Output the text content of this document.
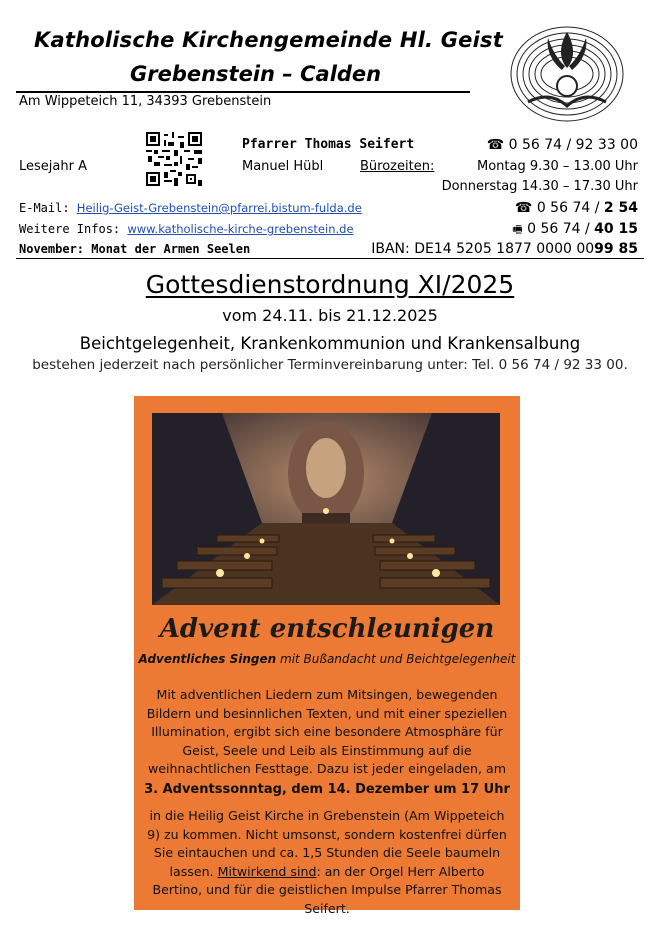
Katholische Kirchengemeinde Hl. Geist
Grebenstein – Calden
Am Wippeteich 11, 34393 Grebenstein
Pfarrer Thomas Seifert	☎ 0 56 74 / 92 33 00
Lesejahr A	Manuel Hübl	Bürozeiten:	Montag 9.30 – 13.00 Uhr
Donnerstag 14.30 – 17.30 Uhr
E-Mail: Heilig-Geist-Grebenstein@pfarrei.bistum-fulda.de	☎ 0 56 74 / 2 54
Weitere Infos: www.katholische-kirche-grebenstein.de	🖷 0 56 74 / 40 15
November: Monat der Armen Seelen	IBAN: DE14 5205 1877 0000 0099 85
Gottesdienstordnung XI/2025
vom 24.11. bis 21.12.2025
Beichtgelegenheit, Krankenkommunion und Krankensalbung
bestehen jederzeit nach persönlicher Terminvereinbarung unter: Tel. 0 56 74 / 92 33 00.
Advent entschleunigen
Adventliches Singen mit Bußandacht und Beichtgelegenheit
Mit adventlichen Liedern zum Mitsingen, bewegenden Bildern und besinnlichen Texten, und mit einer speziellen Illumination, ergibt sich eine besondere Atmosphäre für Geist, Seele und Leib als Einstimmung auf die weihnachtlichen Festtage. Dazu ist jeder eingeladen, am
3. Adventssonntag, dem 14. Dezember um 17 Uhr
in die Heilig Geist Kirche in Grebenstein (Am Wippeteich 9) zu kommen. Nicht umsonst, sondern kostenfrei dürfen Sie eintauchen und ca. 1,5 Stunden die Seele baumeln lassen. Mitwirkend sind: an der Orgel Herr Alberto Bertino, und für die geistlichen Impulse Pfarrer Thomas Seifert.
